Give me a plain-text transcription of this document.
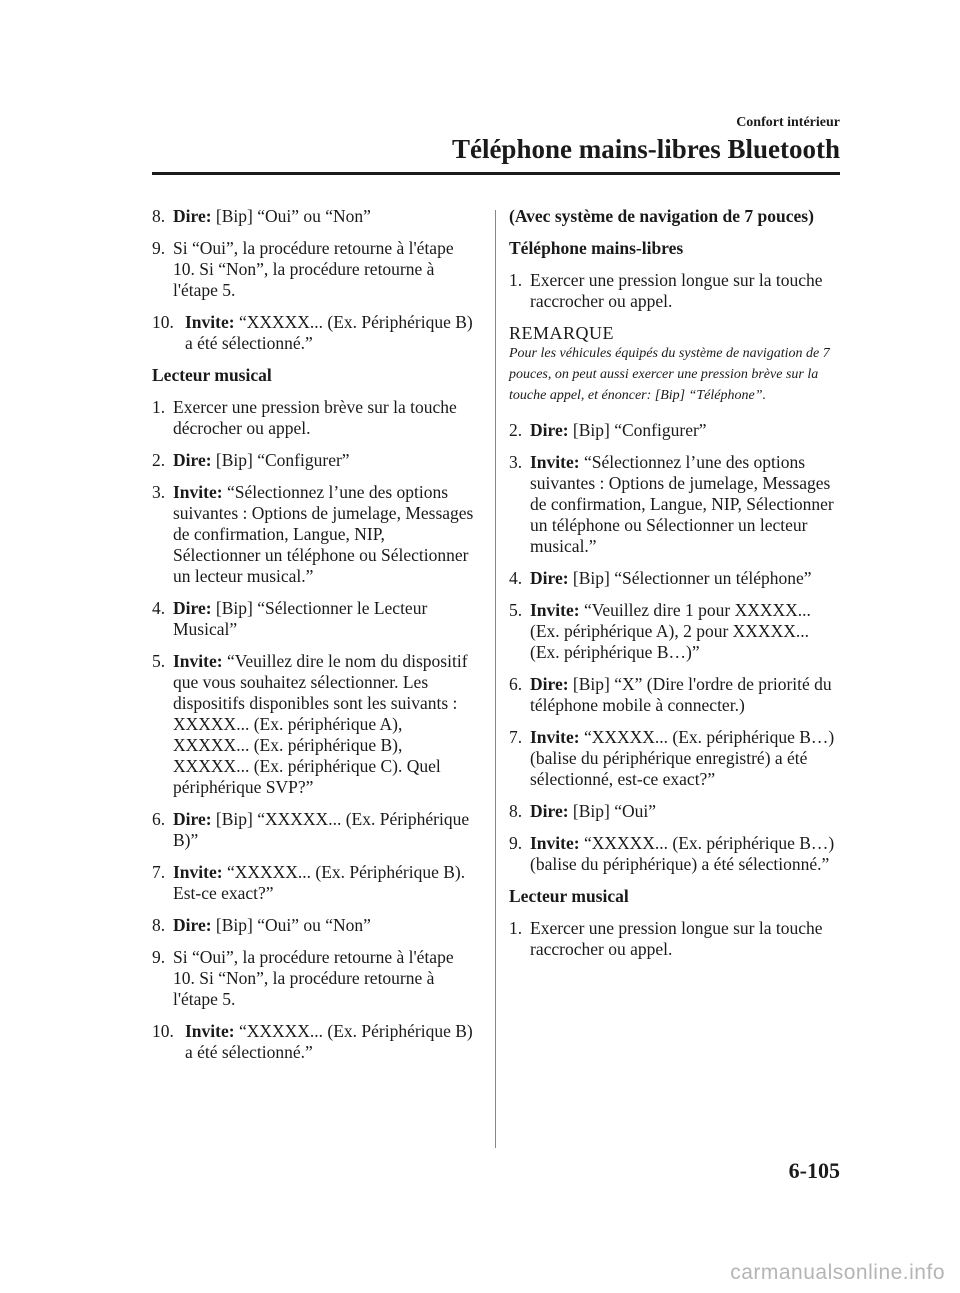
Confort intérieur
Téléphone mains-libres Bluetooth
8. Dire: [Bip] “Oui” ou “Non”
9. Si “Oui”, la procédure retourne à l'étape 10. Si “Non”, la procédure retourne à l'étape 5.
10. Invite: “XXXXX... (Ex. Périphérique B) a été sélectionné.”
Lecteur musical
1. Exercer une pression brève sur la touche décrocher ou appel.
2. Dire: [Bip] “Configurer”
3. Invite: “Sélectionnez l’une des options suivantes : Options de jumelage, Messages de confirmation, Langue, NIP, Sélectionner un téléphone ou Sélectionner un lecteur musical.”
4. Dire: [Bip] “Sélectionner le Lecteur Musical”
5. Invite: “Veuillez dire le nom du dispositif que vous souhaitez sélectionner. Les dispositifs disponibles sont les suivants : XXXXX... (Ex. périphérique A), XXXXX... (Ex. périphérique B), XXXXX... (Ex. périphérique C). Quel périphérique SVP?”
6. Dire: [Bip] “XXXXX... (Ex. Périphérique B)”
7. Invite: “XXXXX... (Ex. Périphérique B). Est-ce exact?”
8. Dire: [Bip] “Oui” ou “Non”
9. Si “Oui”, la procédure retourne à l'étape 10. Si “Non”, la procédure retourne à l'étape 5.
10. Invite: “XXXXX... (Ex. Périphérique B) a été sélectionné.”
(Avec système de navigation de 7 pouces)
Téléphone mains-libres
1. Exercer une pression longue sur la touche raccrocher ou appel.
REMARQUE
Pour les véhicules équipés du système de navigation de 7 pouces, on peut aussi exercer une pression brève sur la touche appel, et énoncer: [Bip] “Téléphone”.
2. Dire: [Bip] “Configurer”
3. Invite: “Sélectionnez l’une des options suivantes : Options de jumelage, Messages de confirmation, Langue, NIP, Sélectionner un téléphone ou Sélectionner un lecteur musical.”
4. Dire: [Bip] “Sélectionner un téléphone”
5. Invite: “Veuillez dire 1 pour XXXXX... (Ex. périphérique A), 2 pour XXXXX... (Ex. périphérique B…)”
6. Dire: [Bip] “X” (Dire l'ordre de priorité du téléphone mobile à connecter.)
7. Invite: “XXXXX... (Ex. périphérique B…) (balise du périphérique enregistré) a été sélectionné, est-ce exact?”
8. Dire: [Bip] “Oui”
9. Invite: “XXXXX... (Ex. périphérique B…) (balise du périphérique) a été sélectionné.”
Lecteur musical
1. Exercer une pression longue sur la touche raccrocher ou appel.
6-105
carmanualsonline.info
